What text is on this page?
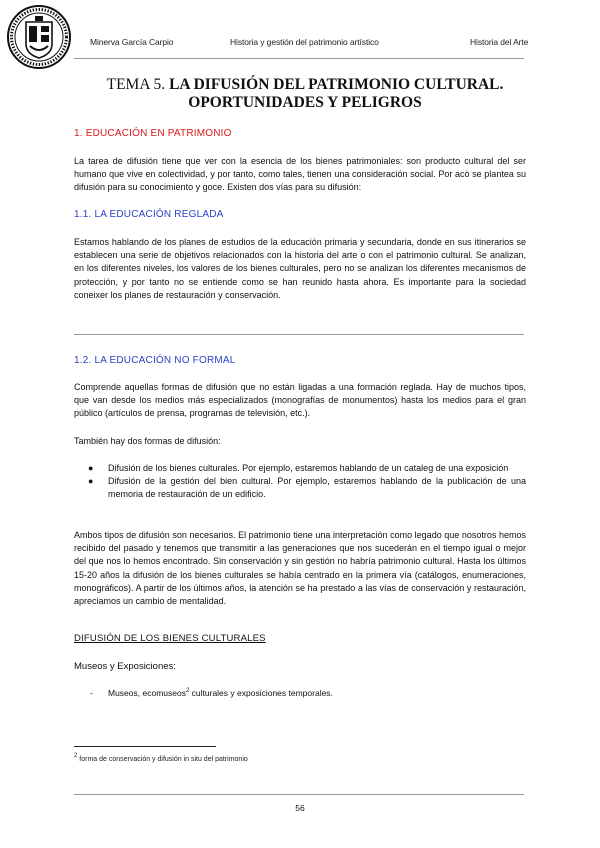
Minerva García Carpio	Historia y gestión del patrimonio artístico	Historia del Arte
TEMA 5. LA DIFUSIÓN DEL PATRIMONIO CULTURAL. OPORTUNIDADES Y PELIGROS
1. EDUCACIÓN EN PATRIMONIO

La tarea de difusión tiene que ver con la esencia de los bienes patrimoniales: son producto cultural del ser humano que vive en colectividad, y por tanto, como tales, tienen una consideración social. Por acò se plantea su difusión para su conocimiento y goce. Existen dos vías para su difusión:

1.1. LA EDUCACIÓN REGLADA

Estamos hablando de los planes de estudios de la educación primaria y secundaria, donde en sus itinerarios se establecen una serie de objetivos relacionados con la historia del arte o con el patrimonio cultural. Se analizan, en los diferentes niveles, los valores de los bienes culturales, pero no se analizan los diferentes mecanismos de protección, y por tanto no se entiende como se han reunido hasta ahora. Es importante para la sociedad coneixer los planes de restauración y conservación.

1.2. LA EDUCACIÓN NO FORMAL

Comprende aquellas formas de difusión que no están ligadas a una formación reglada. Hay de muchos tipos, que van desde los medios más especializados (monografías de monumentos) hasta los medios para el gran público (artículos de prensa, programas de televisión, etc.).

También hay dos formas de difusión:

● Difusión de los bienes culturales. Por ejemplo, estaremos hablando de un cataleg de una exposición
● Difusión de la gestión del bien cultural. Por ejemplo, estaremos hablando de la publicación de una memoria de restauración de un edificio.

Ambos tipos de difusión son necesarios. El patrimonio tiene una interpretación como legado que nosotros hemos recibido del pasado y tenemos que transmitir a las generaciones que nos sucederán en el tiempo igual o mejor del que nos lo hemos encontrado. Sin conservación y sin gestión no habría patrimonio cultural. Hasta los últimos 15-20 años la difusión de los bienes culturales se había centrado en la primera vía (catálogos, enumeraciones, monográficos). A partir de los últimos años, la atención se ha prestado a las vías de conservación y restauración, apreciamos un cambio de mentalidad.

DIFUSIÓN DE LOS BIENES CULTURALES
Museos y Exposiciones:
- Museos, ecomuseos$^2$ culturales y exposiciones temporales.
$^2$ forma de conservación y difusión in situ del patrimonio
56
